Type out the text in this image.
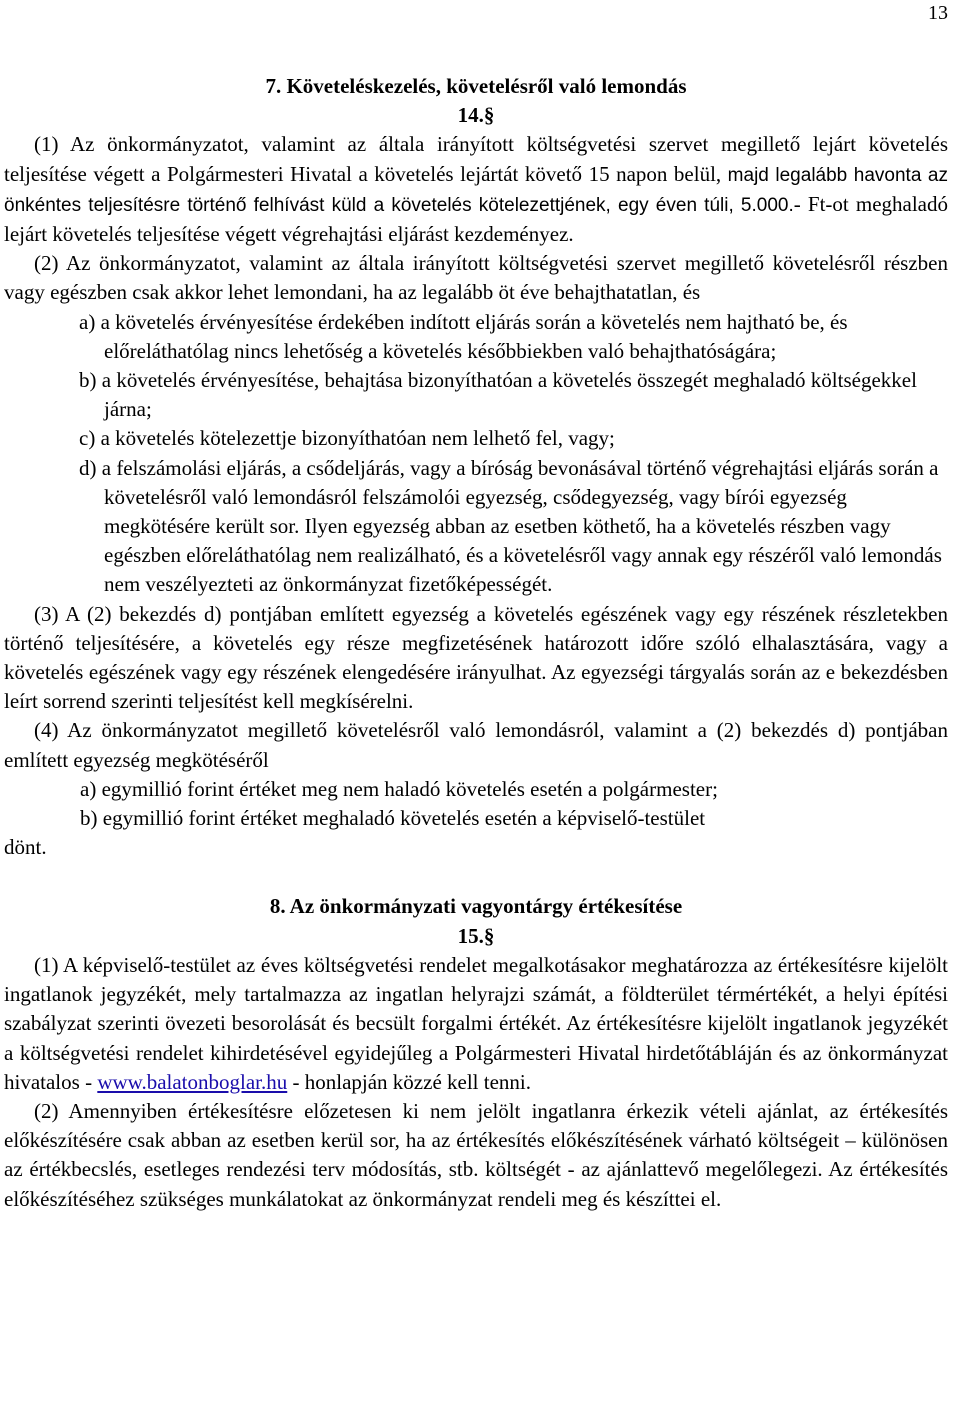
13
7. Követeléskezelés, követelésről való lemondás
14.§
(1) Az önkormányzatot, valamint az általa irányított költségvetési szervet megillető lejárt követelés teljesítése végett a Polgármesteri Hivatal a követelés lejártát követő 15 napon belül, majd legalább havonta az önkéntes teljesítésre történő felhívást küld a követelés kötelezettjének, egy éven túli, 5.000.- Ft-ot meghaladó lejárt követelés teljesítése végett végrehajtási eljárást kezdeményez.
(2) Az önkormányzatot, valamint az általa irányított költségvetési szervet megillető követelésről részben vagy egészben csak akkor lehet lemondani, ha az legalább öt éve behajthatatlan, és
a) a követelés érvényesítése érdekében indított eljárás során a követelés nem hajtható be, és előreláthatólag nincs lehetőség a követelés későbbiekben való behajthatóságára;
b) a követelés érvényesítése, behajtása bizonyíthatóan a követelés összegét meghaladó költségekkel járna;
c) a követelés kötelezettje bizonyíthatóan nem lelhető fel, vagy;
d) a felszámolási eljárás, a csődeljárás, vagy a bíróság bevonásával történő végrehajtási eljárás során a követelésről való lemondásról felszámolói egyezség, csődegyezség, vagy bírói egyezség megkötésére került sor. Ilyen egyezség abban az esetben köthető, ha a követelés részben vagy egészben előreláthatólag nem realizálható, és a követelésről vagy annak egy részéről való lemondás nem veszélyezteti az önkormányzat fizetőképességét.
(3) A (2) bekezdés d) pontjában említett egyezség a követelés egészének vagy egy részének részletekben történő teljesítésére, a követelés egy része megfizetésének határozott időre szóló elhalasztására, vagy a követelés egészének vagy egy részének elengedésére irányulhat. Az egyezségi tárgyalás során az e bekezdésben leírt sorrend szerinti teljesítést kell megkísérelni.
(4) Az önkormányzatot megillető követelésről való lemondásról, valamint a (2) bekezdés d) pontjában említett egyezség megkötéséről
a) egymillió forint értéket meg nem haladó követelés esetén a polgármester;
b) egymillió forint értéket meghaladó követelés esetén a képviselő-testület
dönt.
8. Az önkormányzati vagyontárgy értékesítése
15.§
(1) A képviselő-testület az éves költségvetési rendelet megalkotásakor meghatározza az értékesítésre kijelölt ingatlanok jegyzékét, mely tartalmazza az ingatlan helyrajzi számát, a földterület térmértékét, a helyi építési szabályzat szerinti övezeti besorolását és becsült forgalmi értékét. Az értékesítésre kijelölt ingatlanok jegyzékét a költségvetési rendelet kihirdetésével egyidejűleg a Polgármesteri Hivatal hirdetőtábláján és az önkormányzat hivatalos - www.balatonboglar.hu - honlapján közzé kell tenni.
(2) Amennyiben értékesítésre előzetesen ki nem jelölt ingatlanra érkezik vételi ajánlat, az értékesítés előkészítésére csak abban az esetben kerül sor, ha az értékesítés előkészítésének várható költségeit – különösen az értékbecslés, esetleges rendezési terv módosítás, stb. költségét - az ajánlattevő megelőlegezi. Az értékesítés előkészítéséhez szükséges munkálatokat az önkormányzat rendeli meg és készíttei el.
